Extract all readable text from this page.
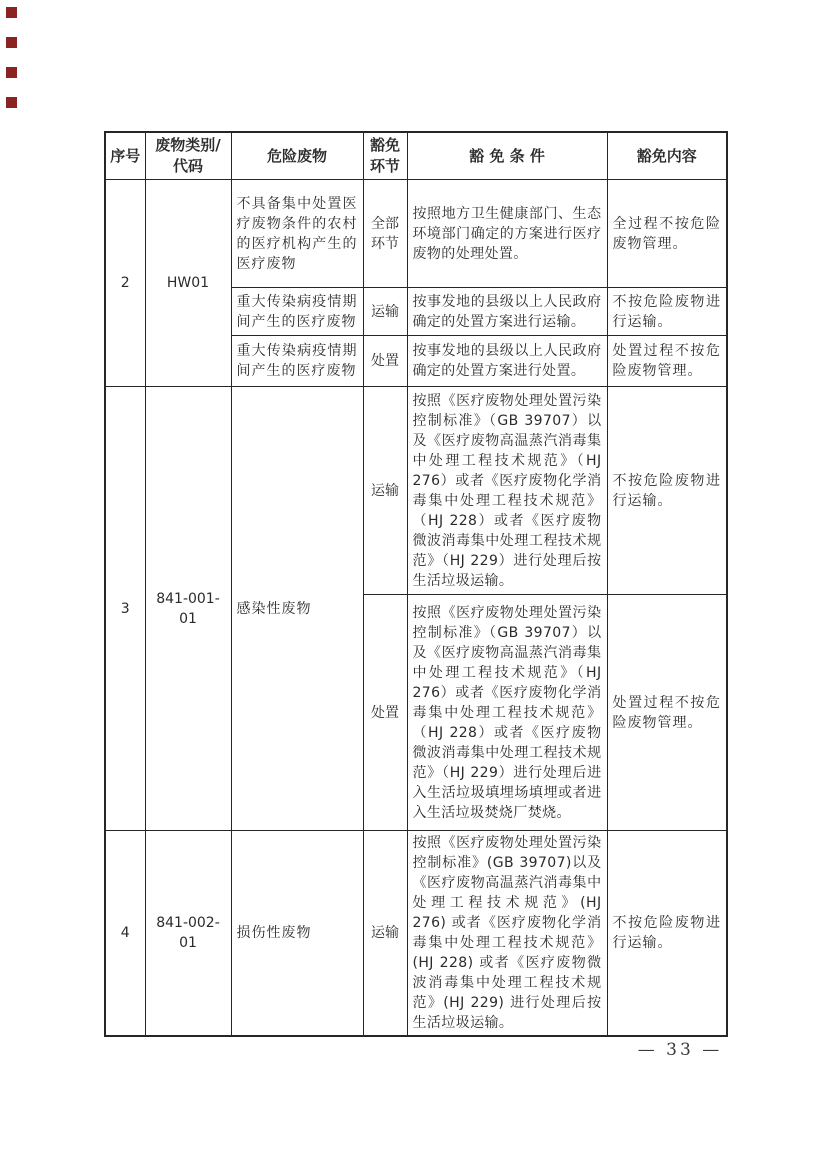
序号	废物类别/代码	危险废物	豁免环节	豁 免 条 件	豁免内容
2	HW01	不具备集中处置医疗废物条件的农村的医疗机构产生的医疗废物	全部环节	按照地方卫生健康部门、生态环境部门确定的方案进行医疗废物的处理处置。	全过程不按危险废物管理。
		重大传染病疫情期间产生的医疗废物	运输	按事发地的县级以上人民政府确定的处置方案进行运输。	不按危险废物进行运输。
		重大传染病疫情期间产生的医疗废物	处置	按事发地的县级以上人民政府确定的处置方案进行处置。	处置过程不按危险废物管理。
3	841-001-01	感染性废物	运输	按照《医疗废物处理处置污染控制标准》（GB 39707）以及《医疗废物高温蒸汽消毒集中处理工程技术规范》（HJ 276）或者《医疗废物化学消毒集中处理工程技术规范》（HJ 228）或者《医疗废物微波消毒集中处理工程技术规范》（HJ 229）进行处理后按生活垃圾运输。	不按危险废物进行运输。
			处置	按照《医疗废物处理处置污染控制标准》（GB 39707）以及《医疗废物高温蒸汽消毒集中处理工程技术规范》（HJ 276）或者《医疗废物化学消毒集中处理工程技术规范》（HJ 228）或者《医疗废物微波消毒集中处理工程技术规范》（HJ 229）进行处理后进入生活垃圾填埋场填埋或者进入生活垃圾焚烧厂焚烧。	处置过程不按危险废物管理。
4	841-002-01	损伤性废物	运输	按照《医疗废物处理处置污染控制标准》(GB 39707)以及《医疗废物高温蒸汽消毒集中处理工程技术规范》(HJ 276) 或者《医疗废物化学消毒集中处理工程技术规范》(HJ 228) 或者《医疗废物微波消毒集中处理工程技术规范》(HJ 229) 进行处理后按生活垃圾运输。	不按危险废物进行运输。
— 33 —
